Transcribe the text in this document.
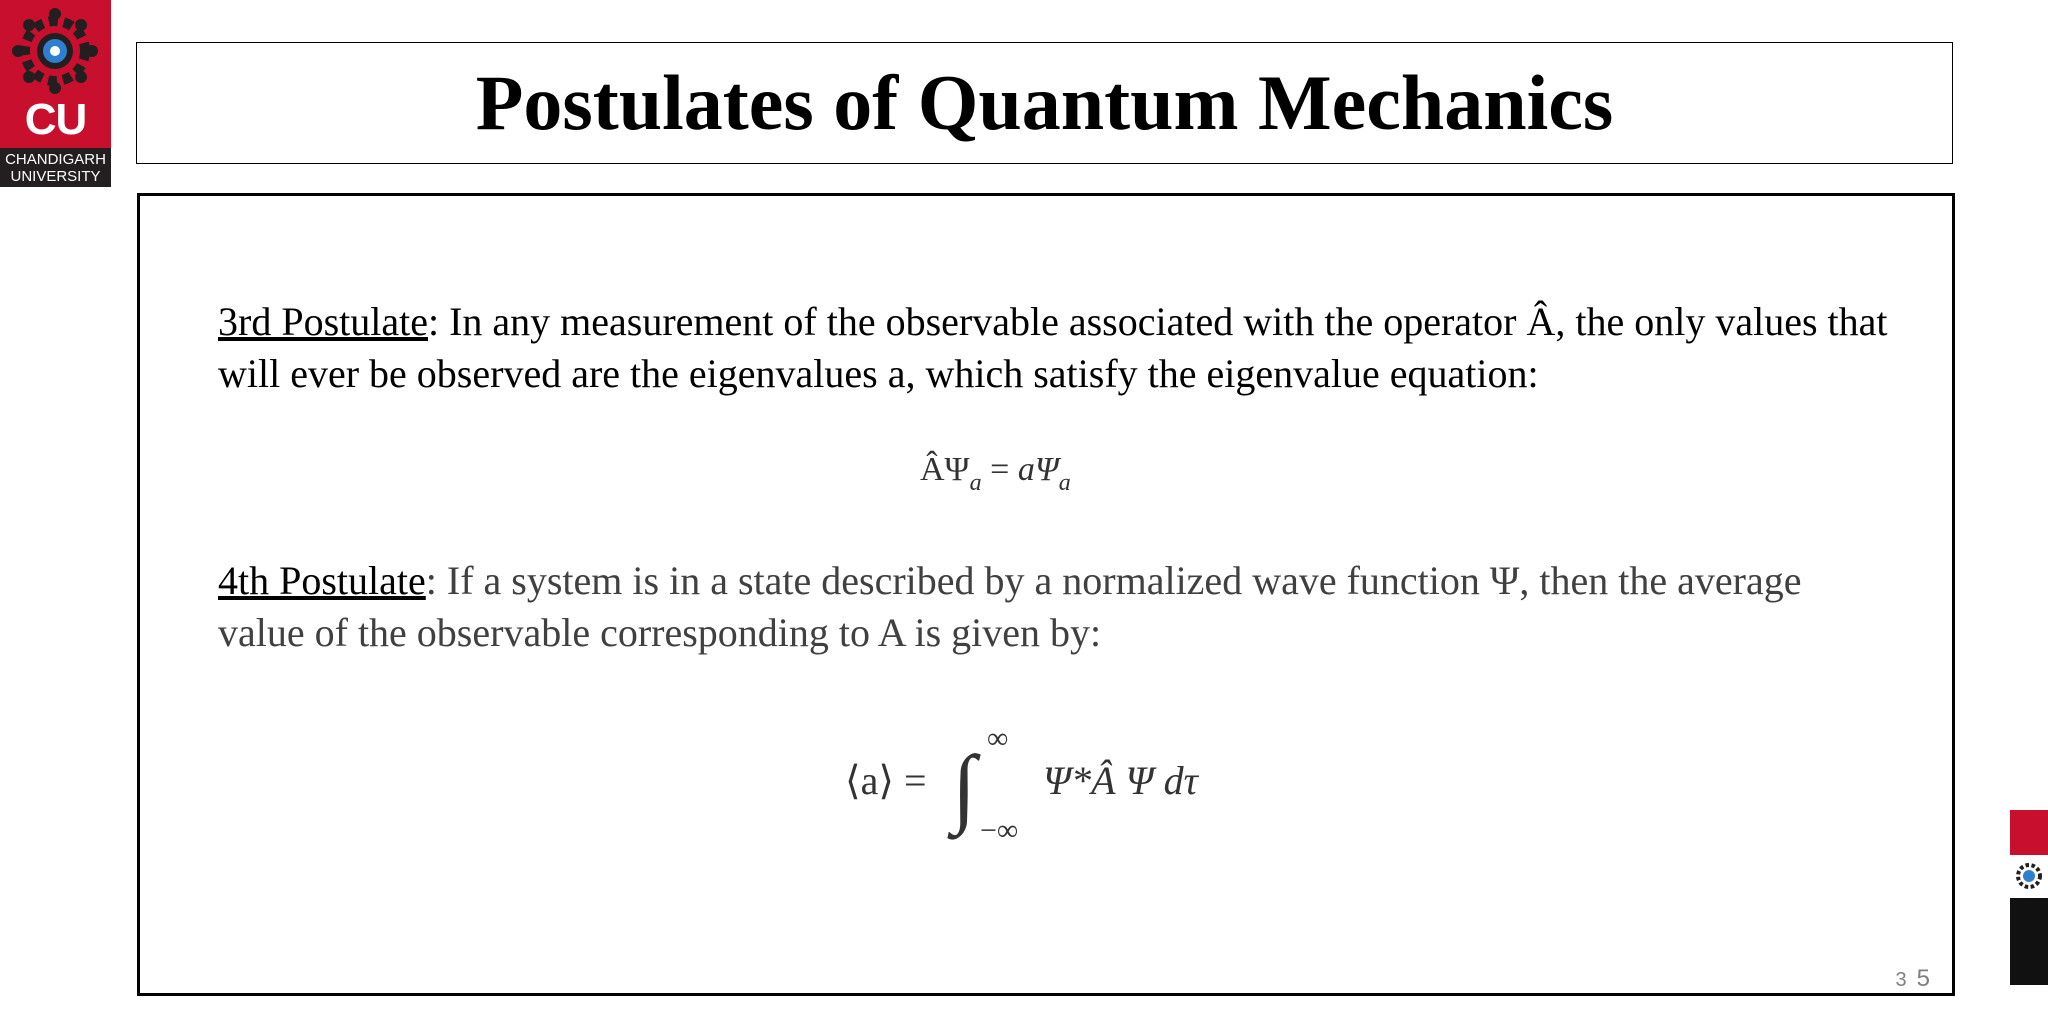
CU
CHANDIGARH
UNIVERSITY
Postulates of Quantum Mechanics

3rd Postulate: In any measurement of the observable associated with the operator Â, the only values that will ever be observed are the eigenvalues a, which satisfy the eigenvalue equation:

$Â\Psi_a = a\Psi_a$

4th Postulate: If a system is in a state described by a normalized wave function Ψ, then the average value of the observable corresponding to A is given by:

⟨a⟩ = ∫
∞
−∞
Ψ*Â Ψ dτ
3 5
